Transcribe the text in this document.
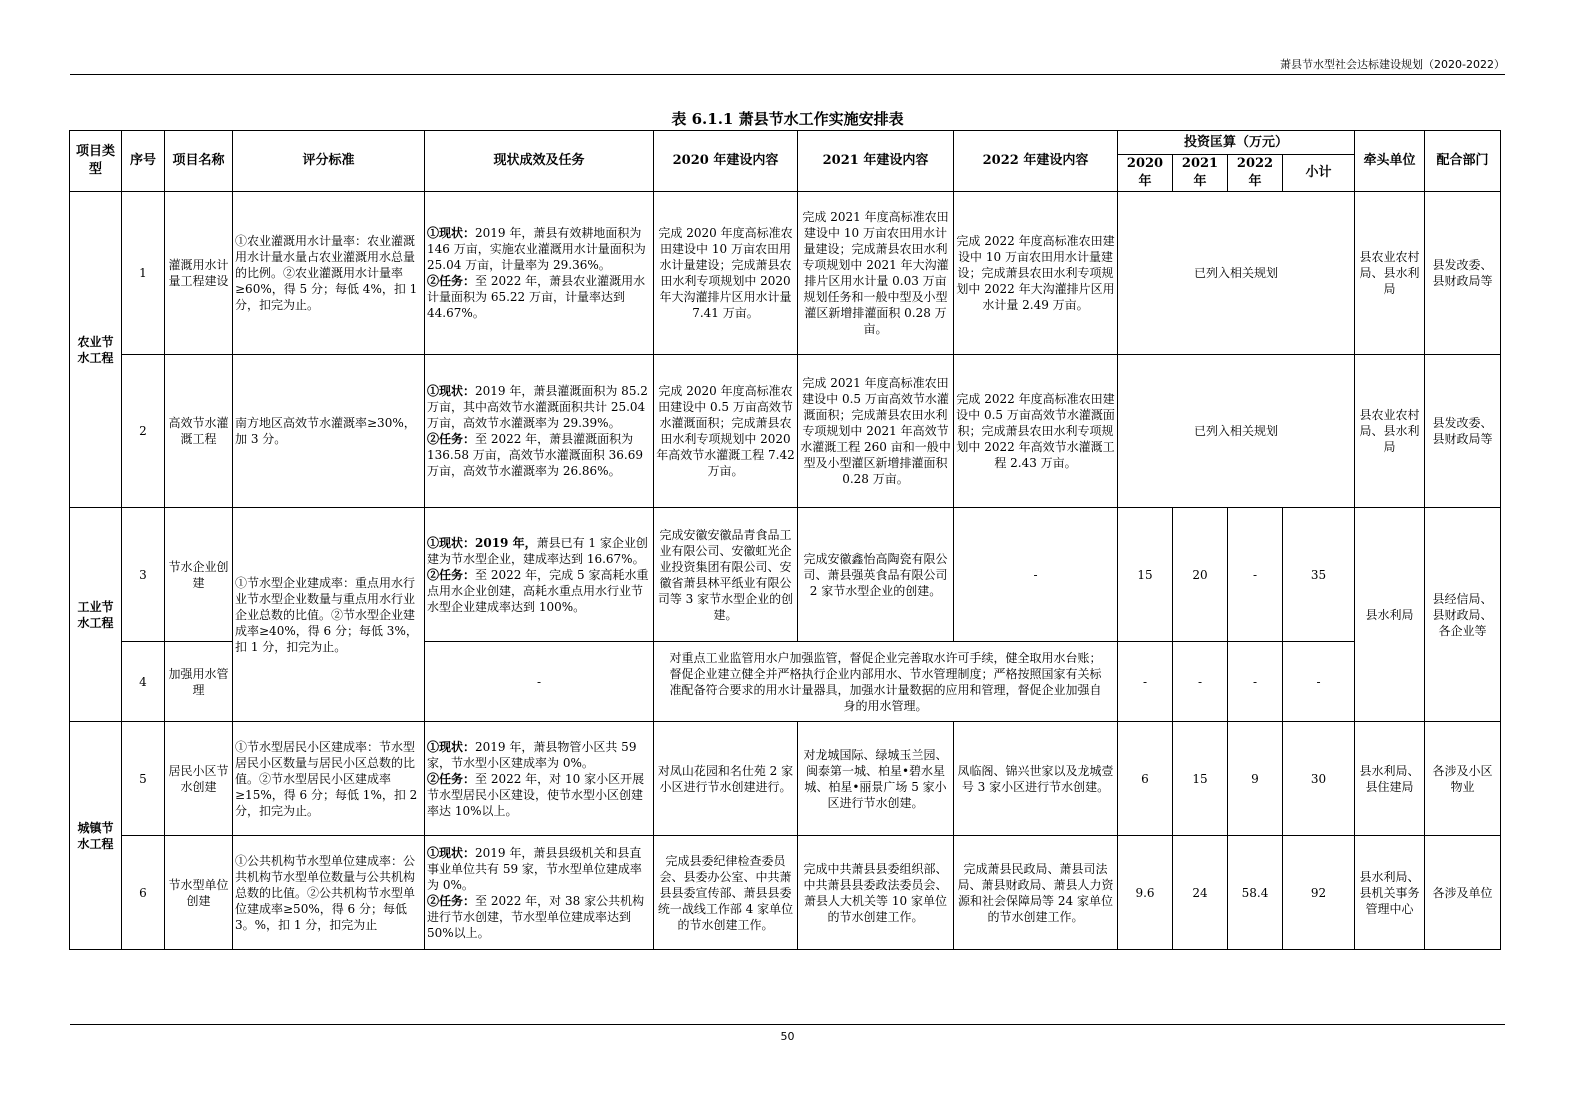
萧县节水型社会达标建设规划（2020-2022）
表 6.1.1 萧县节水工作实施安排表
项目类型	序号	项目名称	评分标准	现状成效及任务	2020 年建设内容	2021 年建设内容	2022 年建设内容	投资匡算（万元）				牵头单位	配合部门
								2020 年	2021 年	2022 年	小计		
农业节水工程	1	灌溉用水计量工程建设	①农业灌溉用水计量率：农业灌溉用水计量水量占农业灌溉用水总量的比例。②农业灌溉用水计量率≥60%，得 5 分；每低 4%，扣 1 分，扣完为止。	①现状：2019 年，萧县有效耕地面积为 146 万亩，实施农业灌溉用水计量面积为 25.04 万亩，计量率为 29.36%。
②任务：至 2022 年，萧县农业灌溉用水计量面积为 65.22 万亩，计量率达到 44.67%。	完成 2020 年度高标准农田建设中 10 万亩农田用水计量建设；完成萧县农田水利专项规划中 2020 年大沟灌排片区用水计量 7.41 万亩。	完成 2021 年度高标准农田建设中 10 万亩农田用水计量建设；完成萧县农田水利专项规划中 2021 年大沟灌排片区用水计量 0.03 万亩规划任务和一般中型及小型灌区新增排灌面积 0.28 万亩。	完成 2022 年度高标准农田建设中 10 万亩农田用水计量建设；完成萧县农田水利专项规划中 2022 年大沟灌排片区用水计量 2.49 万亩。	已列入相关规划				县农业农村局、县水利局	县发改委、县财政局等
	2	高效节水灌溉工程	南方地区高效节水灌溉率≥30%，加 3 分。	①现状：2019 年，萧县灌溉面积为 85.2 万亩，其中高效节水灌溉面积共计 25.04 万亩，高效节水灌溉率为 29.39%。
②任务：至 2022 年，萧县灌溉面积为 136.58 万亩，高效节水灌溉面积 36.69 万亩，高效节水灌溉率为 26.86%。	完成 2020 年度高标准农田建设中 0.5 万亩高效节水灌溉面积；完成萧县农田水利专项规划中 2020 年高效节水灌溉工程 7.42 万亩。	完成 2021 年度高标准农田建设中 0.5 万亩高效节水灌溉面积；完成萧县农田水利专项规划中 2021 年高效节水灌溉工程 260 亩和一般中型及小型灌区新增排灌面积 0.28 万亩。	完成 2022 年度高标准农田建设中 0.5 万亩高效节水灌溉面积；完成萧县农田水利专项规划中 2022 年高效节水灌溉工程 2.43 万亩。	已列入相关规划				县农业农村局、县水利局	县发改委、县财政局等
工业节水工程	3	节水企业创建	①节水型企业建成率：重点用水行业节水型企业数量与重点用水行业企业总数的比值。②节水型企业建成率≥40%，得 6 分；每低 3%，扣 1 分，扣完为止。	①现状：2019 年，萧县已有 1 家企业创建为节水型企业，建成率达到 16.67%。
②任务：至 2022 年，完成 5 家高耗水重点用水企业创建，高耗水重点用水行业节水型企业建成率达到 100%。	完成安徽安徽品青食品工业有限公司、安徽虹光企业投资集团有限公司、安徽省萧县林平纸业有限公司等 3 家节水型企业的创建。	完成安徽鑫怡高陶瓷有限公司、萧县强英食品有限公司 2 家节水型企业的创建。	-	15	20	-	35	县水利局	县经信局、县财政局、各企业等
	4	加强用水管理		-	对重点工业监管用水户加强监管，督促企业完善取水许可手续，健全取用水台账；督促企业建立健全并严格执行企业内部用水、节水管理制度；严格按照国家有关标准配备符合要求的用水计量器具，加强水计量数据的应用和管理，督促企业加强自身的用水管理。			-	-	-	-		
城镇节水工程	5	居民小区节水创建	①节水型居民小区建成率：节水型居民小区数量与居民小区总数的比值。②节水型居民小区建成率≥15%，得 6 分；每低 1%，扣 2 分，扣完为止。	①现状：2019 年，萧县物管小区共 59 家，节水型小区建成率为 0%。
②任务：至 2022 年，对 10 家小区开展节水型居民小区建设，使节水型小区创建率达 10%以上。	对凤山花园和名仕苑 2 家小区进行节水创建进行。	对龙城国际、绿城玉兰园、闽泰第一城、柏星•碧水星城、柏星•丽景广场 5 家小区进行节水创建。	凤临阁、锦兴世家以及龙城壹号 3 家小区进行节水创建。	6	15	9	30	县水利局、县住建局	各涉及小区物业
	6	节水型单位创建	①公共机构节水型单位建成率：公共机构节水型单位数量与公共机构总数的比值。②公共机构节水型单位建成率≥50%，得 6 分；每低 3。%，扣 1 分，扣完为止	①现状：2019 年，萧县县级机关和县直事业单位共有 59 家，节水型单位建成率为 0%。
②任务：至 2022 年，对 38 家公共机构进行节水创建，节水型单位建成率达到 50%以上。	完成县委纪律检查委员会、县委办公室、中共萧县县委宣传部、萧县县委统一战线工作部 4 家单位的节水创建工作。	完成中共萧县县委组织部、中共萧县县委政法委员会、萧县人大机关等 10 家单位的节水创建工作。	完成萧县民政局、萧县司法局、萧县财政局、萧县人力资源和社会保障局等 24 家单位的节水创建工作。	9.6	24	58.4	92	县水利局、县机关事务管理中心	各涉及单位
50
